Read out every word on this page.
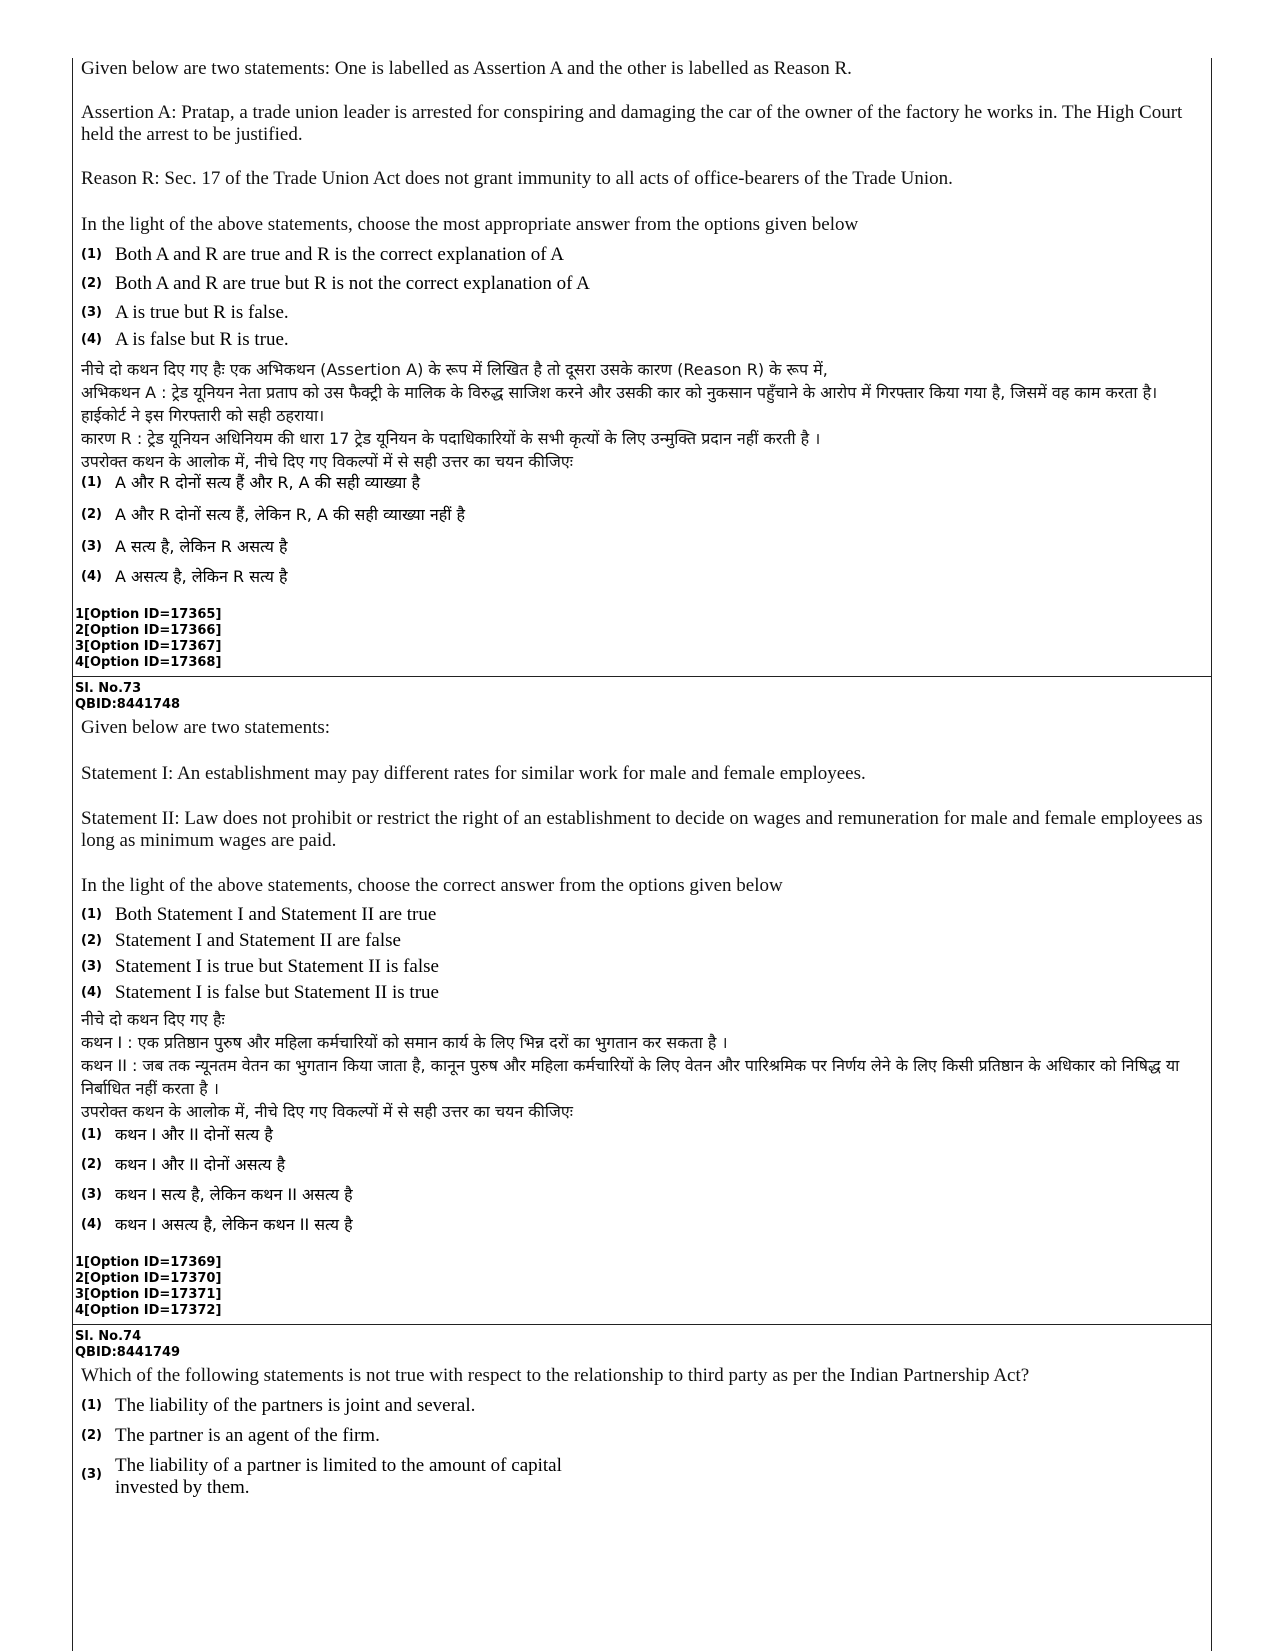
Given below are two statements: One is labelled as Assertion A and the other is labelled as Reason R.

Assertion A: Pratap, a trade union leader is arrested for conspiring and damaging the car of the owner of the factory he works in. The High Court held the arrest to be justified.

Reason R: Sec. 17 of the Trade Union Act does not grant immunity to all acts of office-bearers of the Trade Union.

In the light of the above statements, choose the most appropriate answer from the options given below

(1) Both A and R are true and R is the correct explanation of A
(2) Both A and R are true but R is not the correct explanation of A
(3) A is true but R is false.
(4) A is false but R is true.

नीचे दो कथन दिए गए हैः एक अभिकथन (Assertion A) के रूप में लिखित है तो दूसरा उसके कारण (Reason R) के रूप में,

अभिकथन A : ट्रेड यूनियन नेता प्रताप को उस फैक्ट्री के मालिक के विरुद्ध साजिश करने और उसकी कार को नुकसान पहुँचाने के आरोप में गिरफ्तार किया गया है, जिसमें वह काम करता है। हाईकोर्ट ने इस गिरफ्तारी को सही ठहराया।

कारण R : ट्रेड यूनियन अधिनियम की धारा 17 ट्रेड यूनियन के पदाधिकारियों के सभी कृत्यों के लिए उन्मुक्ति प्रदान नहीं करती है ।

उपरोक्त कथन के आलोक में, नीचे दिए गए विकल्पों में से सही उत्तर का चयन कीजिएः

(1) A और R दोनों सत्य हैं और R, A की सही व्याख्या है
(2) A और R दोनों सत्य हैं, लेकिन R, A की सही व्याख्या नहीं है
(3) A सत्य है, लेकिन R असत्य है
(4) A असत्य है, लेकिन R सत्य है
1[Option ID=17365]
2[Option ID=17366]
3[Option ID=17367]
4[Option ID=17368]
Sl. No.73
QBID:8441748

Given below are two statements:

Statement I: An establishment may pay different rates for similar work for male and female employees.

Statement II: Law does not prohibit or restrict the right of an establishment to decide on wages and remuneration for male and female employees as long as minimum wages are paid.

In the light of the above statements, choose the correct answer from the options given below

(1) Both Statement I and Statement II are true
(2) Statement I and Statement II are false
(3) Statement I is true but Statement II is false
(4) Statement I is false but Statement II is true

नीचे दो कथन दिए गए हैः

कथन I : एक प्रतिष्ठान पुरुष और महिला कर्मचारियों को समान कार्य के लिए भिन्न दरों का भुगतान कर सकता है ।

कथन II : जब तक न्यूनतम वेतन का भुगतान किया जाता है, कानून पुरुष और महिला कर्मचारियों के लिए वेतन और पारिश्रमिक पर निर्णय लेने के लिए किसी प्रतिष्ठान के अधिकार को निषिद्ध या निर्बाधित नहीं करता है ।

उपरोक्त कथन के आलोक में, नीचे दिए गए विकल्पों में से सही उत्तर का चयन कीजिएः

(1) कथन I और II दोनों सत्य है
(2) कथन I और II दोनों असत्य है
(3) कथन I सत्य है, लेकिन कथन II असत्य है
(4) कथन I असत्य है, लेकिन कथन II सत्य है
1[Option ID=17369]
2[Option ID=17370]
3[Option ID=17371]
4[Option ID=17372]
Sl. No.74
QBID:8441749

Which of the following statements is not true with respect to the relationship to third party as per the Indian Partnership Act?

(1) The liability of the partners is joint and several.
(2) The partner is an agent of the firm.
(3) The liability of a partner is limited to the amount of capital invested by them.
